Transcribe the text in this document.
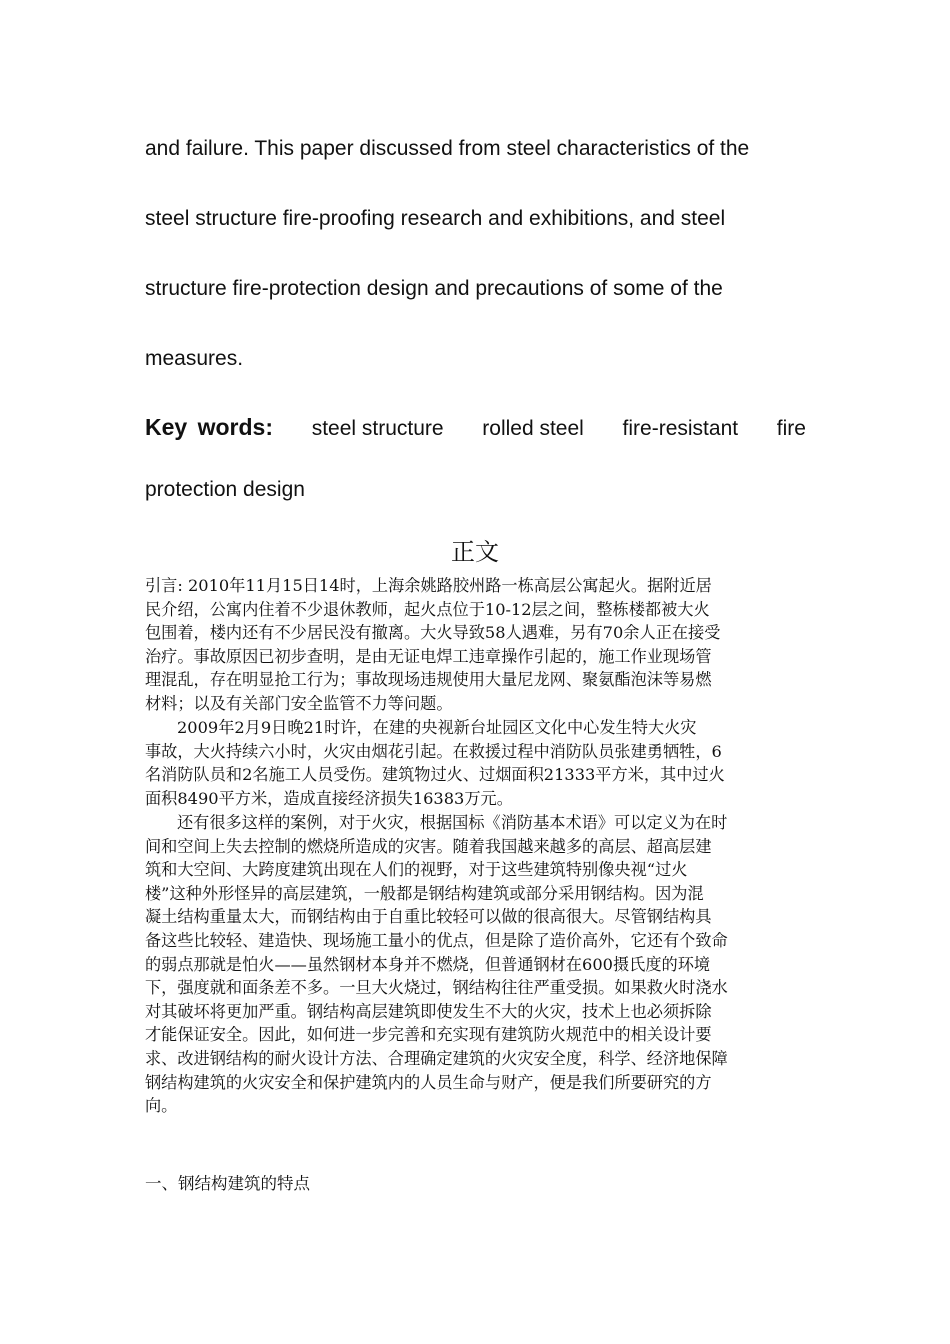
and failure. This paper discussed from steel characteristics of the
steel structure fire-proofing research and exhibitions, and steel
structure fire-protection design and precautions of some of the
measures.
Key words: steel structure rolled steel fire-resistant fire
protection design
正文
引言: 2010年11月15日14时，上海余姚路胶州路一栋高层公寓起火。据附近居
民介绍，公寓内住着不少退休教师，起火点位于10-12层之间，整栋楼都被大火
包围着，楼内还有不少居民没有撤离。大火导致58人遇难，另有70余人正在接受
治疗。事故原因已初步查明，是由无证电焊工违章操作引起的，施工作业现场管
理混乱，存在明显抢工行为；事故现场违规使用大量尼龙网、聚氨酯泡沫等易燃
材料；以及有关部门安全监管不力等问题。
2009年2月9日晚21时许，在建的央视新台址园区文化中心发生特大火灾
事故，大火持续六小时，火灾由烟花引起。在救援过程中消防队员张建勇牺牲，6
名消防队员和2名施工人员受伤。建筑物过火、过烟面积21333平方米，其中过火
面积8490平方米，造成直接经济损失16383万元。
还有很多这样的案例，对于火灾，根据国标《消防基本术语》可以定义为在时
间和空间上失去控制的燃烧所造成的灾害。随着我国越来越多的高层、超高层建
筑和大空间、大跨度建筑出现在人们的视野，对于这些建筑特别像央视“过火
楼”这种外形怪异的高层建筑，一般都是钢结构建筑或部分采用钢结构。因为混
凝土结构重量太大，而钢结构由于自重比较轻可以做的很高很大。尽管钢结构具
备这些比较轻、建造快、现场施工量小的优点，但是除了造价高外，它还有个致命
的弱点那就是怕火——虽然钢材本身并不燃烧，但普通钢材在600摄氏度的环境
下，强度就和面条差不多。一旦大火烧过，钢结构往往严重受损。如果救火时浇水
对其破坏将更加严重。钢结构高层建筑即使发生不大的火灾，技术上也必须拆除
才能保证安全。因此，如何进一步完善和充实现有建筑防火规范中的相关设计要
求、改进钢结构的耐火设计方法、合理确定建筑的火灾安全度，科学、经济地保障
钢结构建筑的火灾安全和保护建筑内的人员生命与财产，便是我们所要研究的方
向。
一、钢结构建筑的特点
